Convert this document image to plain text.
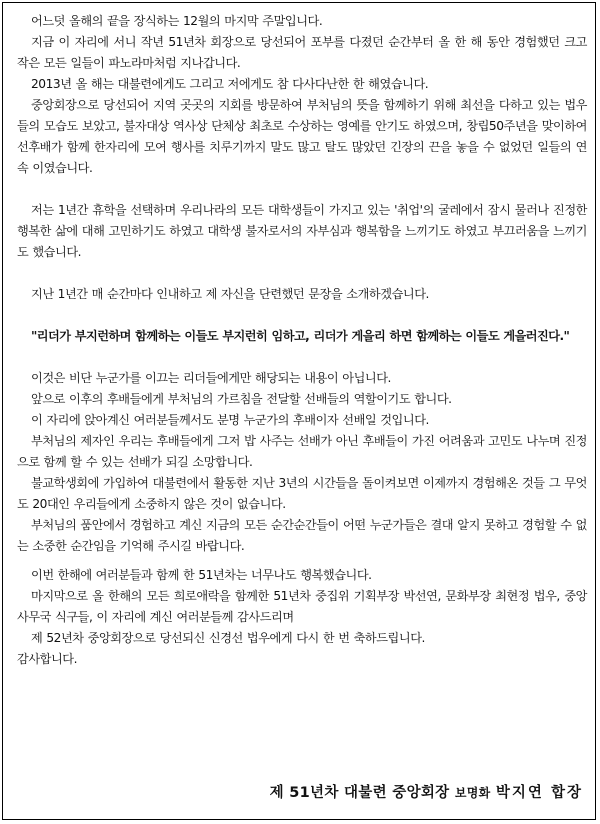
어느덧 올해의 끝을 장식하는 12월의 마지막 주말입니다.

지금 이 자리에 서니 작년 51년차 회장으로 당선되어 포부를 다졌던 순간부터 올 한 해 동안 경험했던 크고 작은 모든 일들이 파노라마처럼 지나갑니다.

2013년 올 해는 대불련에게도 그리고 저에게도 참 다사다난한 한 해였습니다.

중앙회장으로 당선되어 지역 곳곳의 지회를 방문하여 부처님의 뜻을 함께하기 위해 최선을 다하고 있는 법우들의 모습도 보았고, 불자대상 역사상 단체상 최초로 수상하는 영예를 안기도 하였으며, 창립50주년을 맞이하여 선후배가 함께 한자리에 모여 행사를 치루기까지 말도 많고 탈도 많았던 긴장의 끈을 놓을 수 없었던 일들의 연속 이였습니다.

저는 1년간 휴학을 선택하며 우리나라의 모든 대학생들이 가지고 있는 '취업'의 굴레에서 잠시 물러나 진정한 행복한 삶에 대해 고민하기도 하였고 대학생 불자로서의 자부심과 행복함을 느끼기도 하였고 부끄러움을 느끼기도 했습니다.

지난 1년간 매 순간마다 인내하고 제 자신을 단련했던 문장을 소개하겠습니다.

"리더가 부지런하며 함께하는 이들도 부지런히 임하고, 리더가 게을리 하면 함께하는 이들도 게을러진다."

이것은 비단 누군가를 이끄는 리더들에게만 해당되는 내용이 아닙니다.

앞으로 이후의 후배들에게 부처님의 가르침을 전달할 선배들의 역할이기도 합니다.

이 자리에 앉아계신 여러분들께서도 분명 누군가의 후배이자 선배일 것입니다.

부처님의 제자인 우리는 후배들에게 그저 밥 사주는 선배가 아닌 후배들이 가진 어려움과 고민도 나누며 진정으로 함께 할 수 있는 선배가 되길 소망합니다.

불교학생회에 가입하여 대불련에서 활동한 지난 3년의 시간들을 돌이켜보면 이제까지 경험해온 것들 그 무엇도 20대인 우리들에게 소중하지 않은 것이 없습니다.

부처님의 품안에서 경험하고 계신 지금의 모든 순간순간들이 어떤 누군가들은 결대 알지 못하고 경험할 수 없는 소중한 순간임을 기억해 주시길 바랍니다.

이번 한해에 여러분들과 함께 한 51년차는 너무나도 행복했습니다.

마지막으로 올 한해의 모든 희로애락을 함께한 51년차 중집위 기획부장 박선연, 문화부장 최현정 법우, 중앙사무국 식구들, 이 자리에 계신 여러분들께 감사드리며

제 52년차 중앙회장으로 당선되신 신경선 법우에게 다시 한 번 축하드립니다.

감사합니다.

제 51년차 대불련 중앙회장 보명화 박지연 합장
